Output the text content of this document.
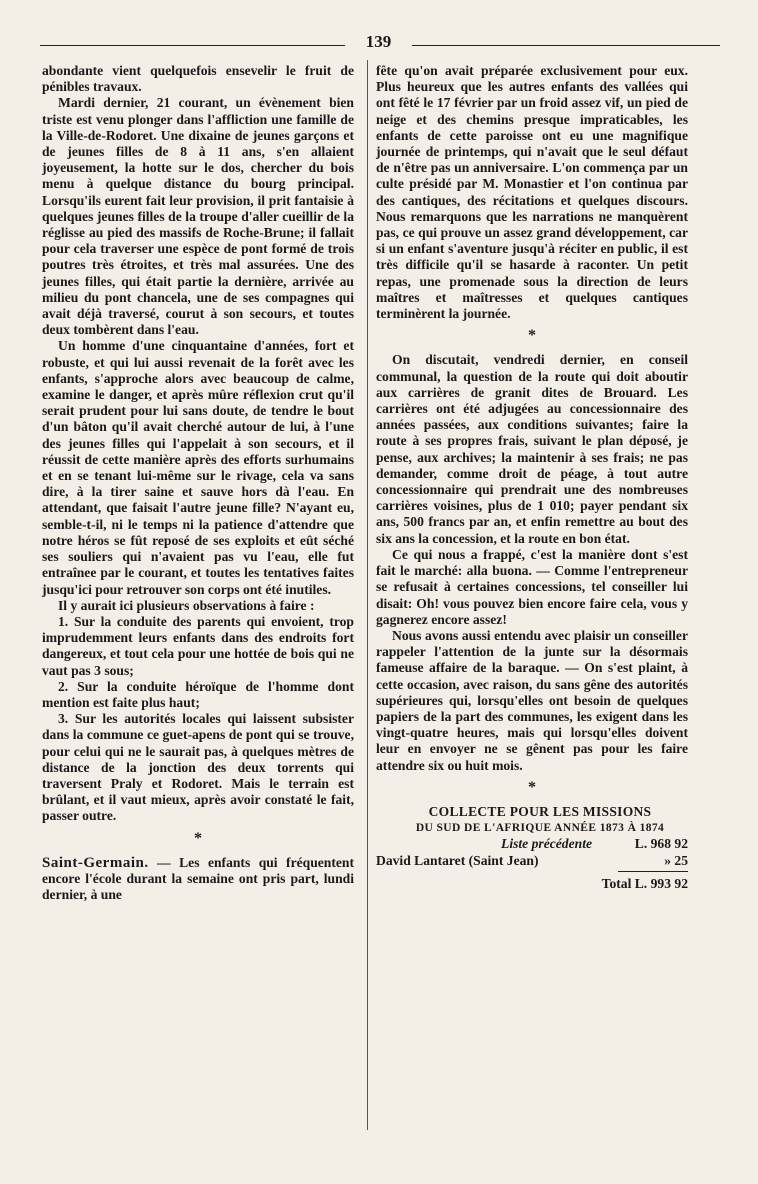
139

abondante vient quelquefois ensevelir le fruit de pénibles travaux.

Mardi dernier, 21 courant, un évènement bien triste est venu plonger dans l'affliction une famille de la Ville-de-Rodoret. Une dixaine de jeunes garçons et de jeunes filles de 8 à 11 ans, s'en allaient joyeusement, la hotte sur le dos, chercher du bois menu à quelque distance du bourg principal. Lorsqu'ils eurent fait leur provision, il prit fantaisie à quelques jeunes filles de la troupe d'aller cueillir de la réglisse au pied des massifs de Roche-Brune; il fallait pour cela traverser une espèce de pont formé de trois poutres très étroites, et très mal assurées. Une des jeunes filles, qui était partie la dernière, arrivée au milieu du pont chancela, une de ses compagnes qui avait déjà traversé, courut à son secours, et toutes deux tombèrent dans l'eau.

Un homme d'une cinquantaine d'années, fort et robuste, et qui lui aussi revenait de la forêt avec les enfants, s'approche alors avec beaucoup de calme, examine le danger, et après mûre réflexion crut qu'il serait prudent pour lui sans doute, de tendre le bout d'un bâton qu'il avait cherché autour de lui, à l'une des jeunes filles qui l'appelait à son secours, et il réussit de cette manière après des efforts surhumains et en se tenant lui-même sur le rivage, cela va sans dire, à la tirer saine et sauve hors dà l'eau. En attendant, que faisait l'autre jeune fille? N'ayant eu, semble-t-il, ni le temps ni la patience d'attendre que notre héros se fût reposé de ses exploits et eût séché ses souliers qui n'avaient pas vu l'eau, elle fut entraînee par le courant, et toutes les tentatives faites jusqu'ici pour retrouver son corps ont été inutiles.

Il y aurait ici plusieurs observations à faire :

1. Sur la conduite des parents qui envoient, trop imprudemment leurs enfants dans des endroits fort dangereux, et tout cela pour une hottée de bois qui ne vaut pas 3 sous;

2. Sur la conduite héroïque de l'homme dont mention est faite plus haut;

3. Sur les autorités locales qui laissent subsister dans la commune ce guet-apens de pont qui se trouve, pour celui qui ne le saurait pas, à quelques mètres de distance de la jonction des deux torrents qui traversent Praly et Rodoret. Mais le terrain est brûlant, et il vaut mieux, après avoir constaté le fait, passer outre.

*

Saint-Germain. — Les enfants qui fréquentent encore l'école durant la semaine ont pris part, lundi dernier, à une

fête qu'on avait préparée exclusivement pour eux. Plus heureux que les autres enfants des vallées qui ont fêté le 17 février par un froid assez vif, un pied de neige et des chemins presque impraticables, les enfants de cette paroisse ont eu une magnifique journée de printemps, qui n'avait que le seul défaut de n'être pas un anniversaire. L'on commença par un culte présidé par M. Monastier et l'on continua par des cantiques, des récitations et quelques discours. Nous remarquons que les narrations ne manquèrent pas, ce qui prouve un assez grand développement, car si un enfant s'aventure jusqu'à réciter en public, il est très difficile qu'il se hasarde à raconter. Un petit repas, une promenade sous la direction de leurs maîtres et maîtresses et quelques cantiques terminèrent la journée.

*

On discutait, vendredi dernier, en conseil communal, la question de la route qui doit aboutir aux carrières de granit dites de Brouard. Les carrières ont été adjugées au concessionnaire des années passées, aux conditions suivantes; faire la route à ses propres frais, suivant le plan déposé, je pense, aux archives; la maintenir à ses frais; ne pas demander, comme droit de péage, à tout autre concessionnaire qui prendrait une des nombreuses carrières voisines, plus de 1 010; payer pendant six ans, 500 francs par an, et enfin remettre au bout des six ans la concession, et la route en bon état.

Ce qui nous a frappé, c'est la manière dont s'est fait le marché: alla buona. — Comme l'entrepreneur se refusait à certaines concessions, tel conseiller lui disait: Oh! vous pouvez bien encore faire cela, vous y gagnerez encore assez!

Nous avons aussi entendu avec plaisir un conseiller rappeler l'attention de la junte sur la désormais fameuse affaire de la baraque. — On s'est plaint, à cette occasion, avec raison, du sans gêne des autorités supérieures qui, lorsqu'elles ont besoin de quelques papiers de la part des communes, les exigent dans les vingt-quatre heures, mais qui lorsqu'elles doivent leur en envoyer ne se gênent pas pour les faire attendre six ou huit mois.

*

COLLECTE POUR LES MISSIONS

DU SUD DE L'AFRIQUE ANNÉE 1873 À 1874

Liste précédente	L. 968 92
David Lantaret (Saint Jean)	» 25
Total L. 993 92
